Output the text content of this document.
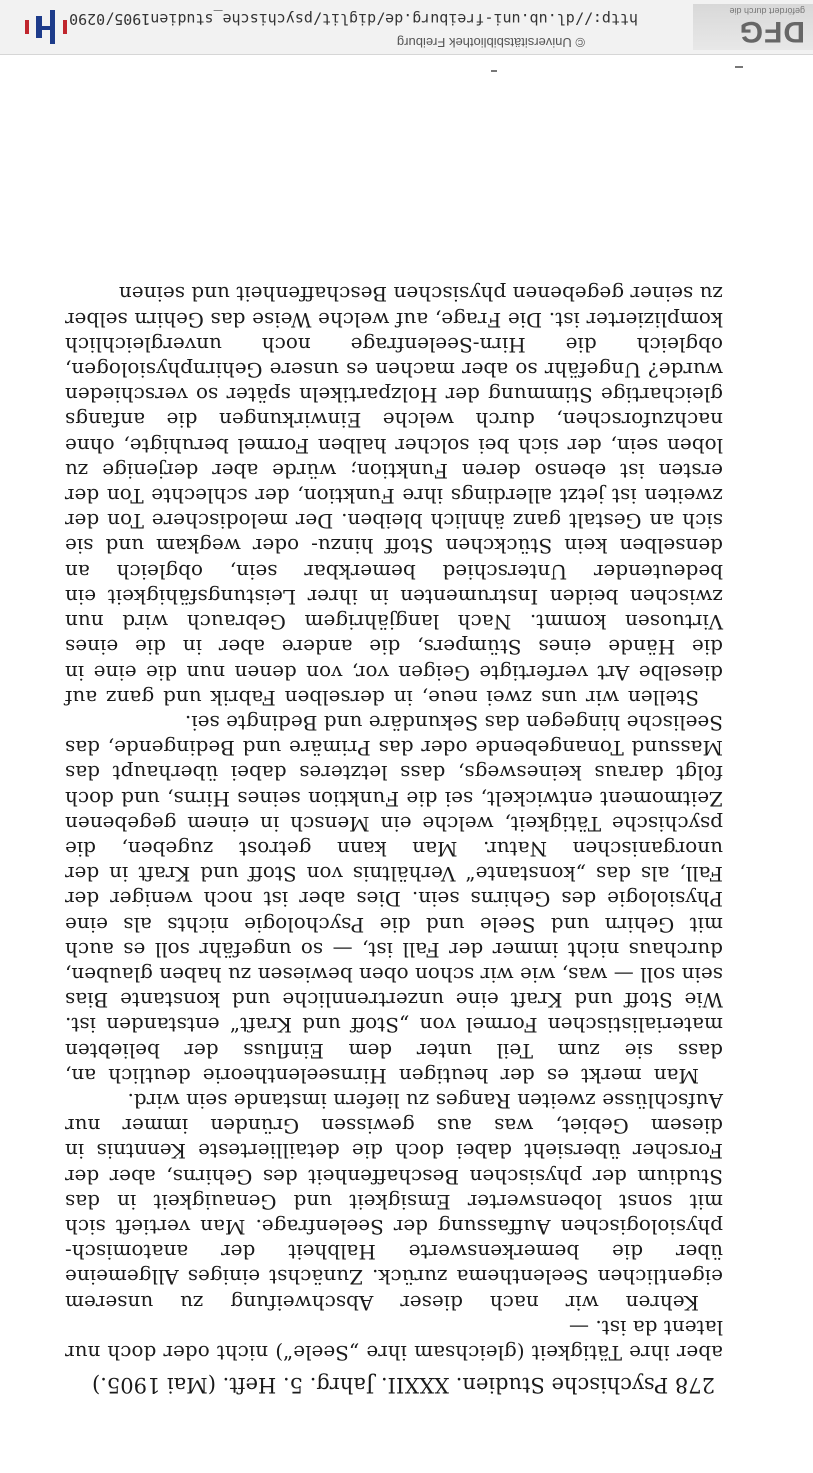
278 Psychische Studien. XXXII. Jahrg. 5. Heft. (Mai 1905.)

aber ihre Tätigkeit (gleichsam ihre „Seele“) nicht oder doch nur latent da ist. —

Kehren wir nach dieser Abschweifung zu unserem eigentlichen Seelenthema zurück. Zunächst einiges Allgemeine über die bemerkenswerte Halbheit der anatomisch-physiologischen Auffassung der Seelenfrage. Man vertieft sich mit sonst lobenswerter Emsigkeit und Genauigkeit in das Studium der physischen Beschaffenheit des Gehirns, aber der Forscher übersieht dabei doch die detaillierteste Kenntnis in diesem Gebiet, was aus gewissen Gründen immer nur Aufschlüsse zweiten Ranges zu liefern imstande sein wird.

Man merkt es der heutigen Hirnseelentheorie deutlich an, dass sie zum Teil unter dem Einfluss der beliebten materialistischen Formel von „Stoff und Kraft“ entstanden ist. Wie Stoff und Kraft eine unzertrennliche und konstante Bias sein soll — was, wie wir schon oben bewiesen zu haben glauben, durchaus nicht immer der Fall ist, — so ungefähr soll es auch mit Gehirn und Seele und die Psychologie nichts als eine Physiologie des Gehirns sein. Dies aber ist noch weniger der Fall, als das „konstante“ Verhältnis von Stoff und Kraft in der unorganischen Natur. Man kann getrost zugeben, die psychische Tätigkeit, welche ein Mensch in einem gegebenen Zeitmoment entwickelt, sei die Funktion seines Hirns, und doch folgt daraus keineswegs, dass letzteres dabei überhaupt das Massund Tonangebende oder das Primäre und Bedingende, das Seelische hingegen das Sekundäre und Bedingte sei.

Stellen wir uns zwei neue, in derselben Fabrik und ganz auf dieselbe Art verfertigte Geigen vor, von denen nun die eine in die Hände eines Stümpers, die andere aber in die eines Virtuosen kommt. Nach langjährigem Gebrauch wird nun zwischen beiden Instrumenten in ihrer Leistungsfähigkeit ein bedeutender Unterschied bemerkbar sein, obgleich an denselben kein Stückchen Stoff hinzu- oder wegkam und sie sich an Gestalt ganz ähnlich bleiben. Der melodischere Ton der zweiten ist jetzt allerdings ihre Funktion, der schlechte Ton der ersten ist ebenso deren Funktion; würde aber derjenige zu loben sein, der sich bei solcher halben Formel beruhigte, ohne nachzuforschen, durch welche Einwirkungen die anfangs gleichartige Stimmung der Holzpartikeln später so verschieden wurde? Ungefähr so aber machen es unsere Gehirnphysiologen, obgleich die Hirn-Seelenfrage noch unvergleichlich komplizierter ist. Die Frage, auf welche Weise das Gehirn selber zu seiner gegebenen physischen Beschaffenheit und seinen

http://dl.ub.uni-freiburg.de/diglit/psychische_studien1905/0290
© Universitätsbibliothek Freiburg	DFG
gefördert durch die
